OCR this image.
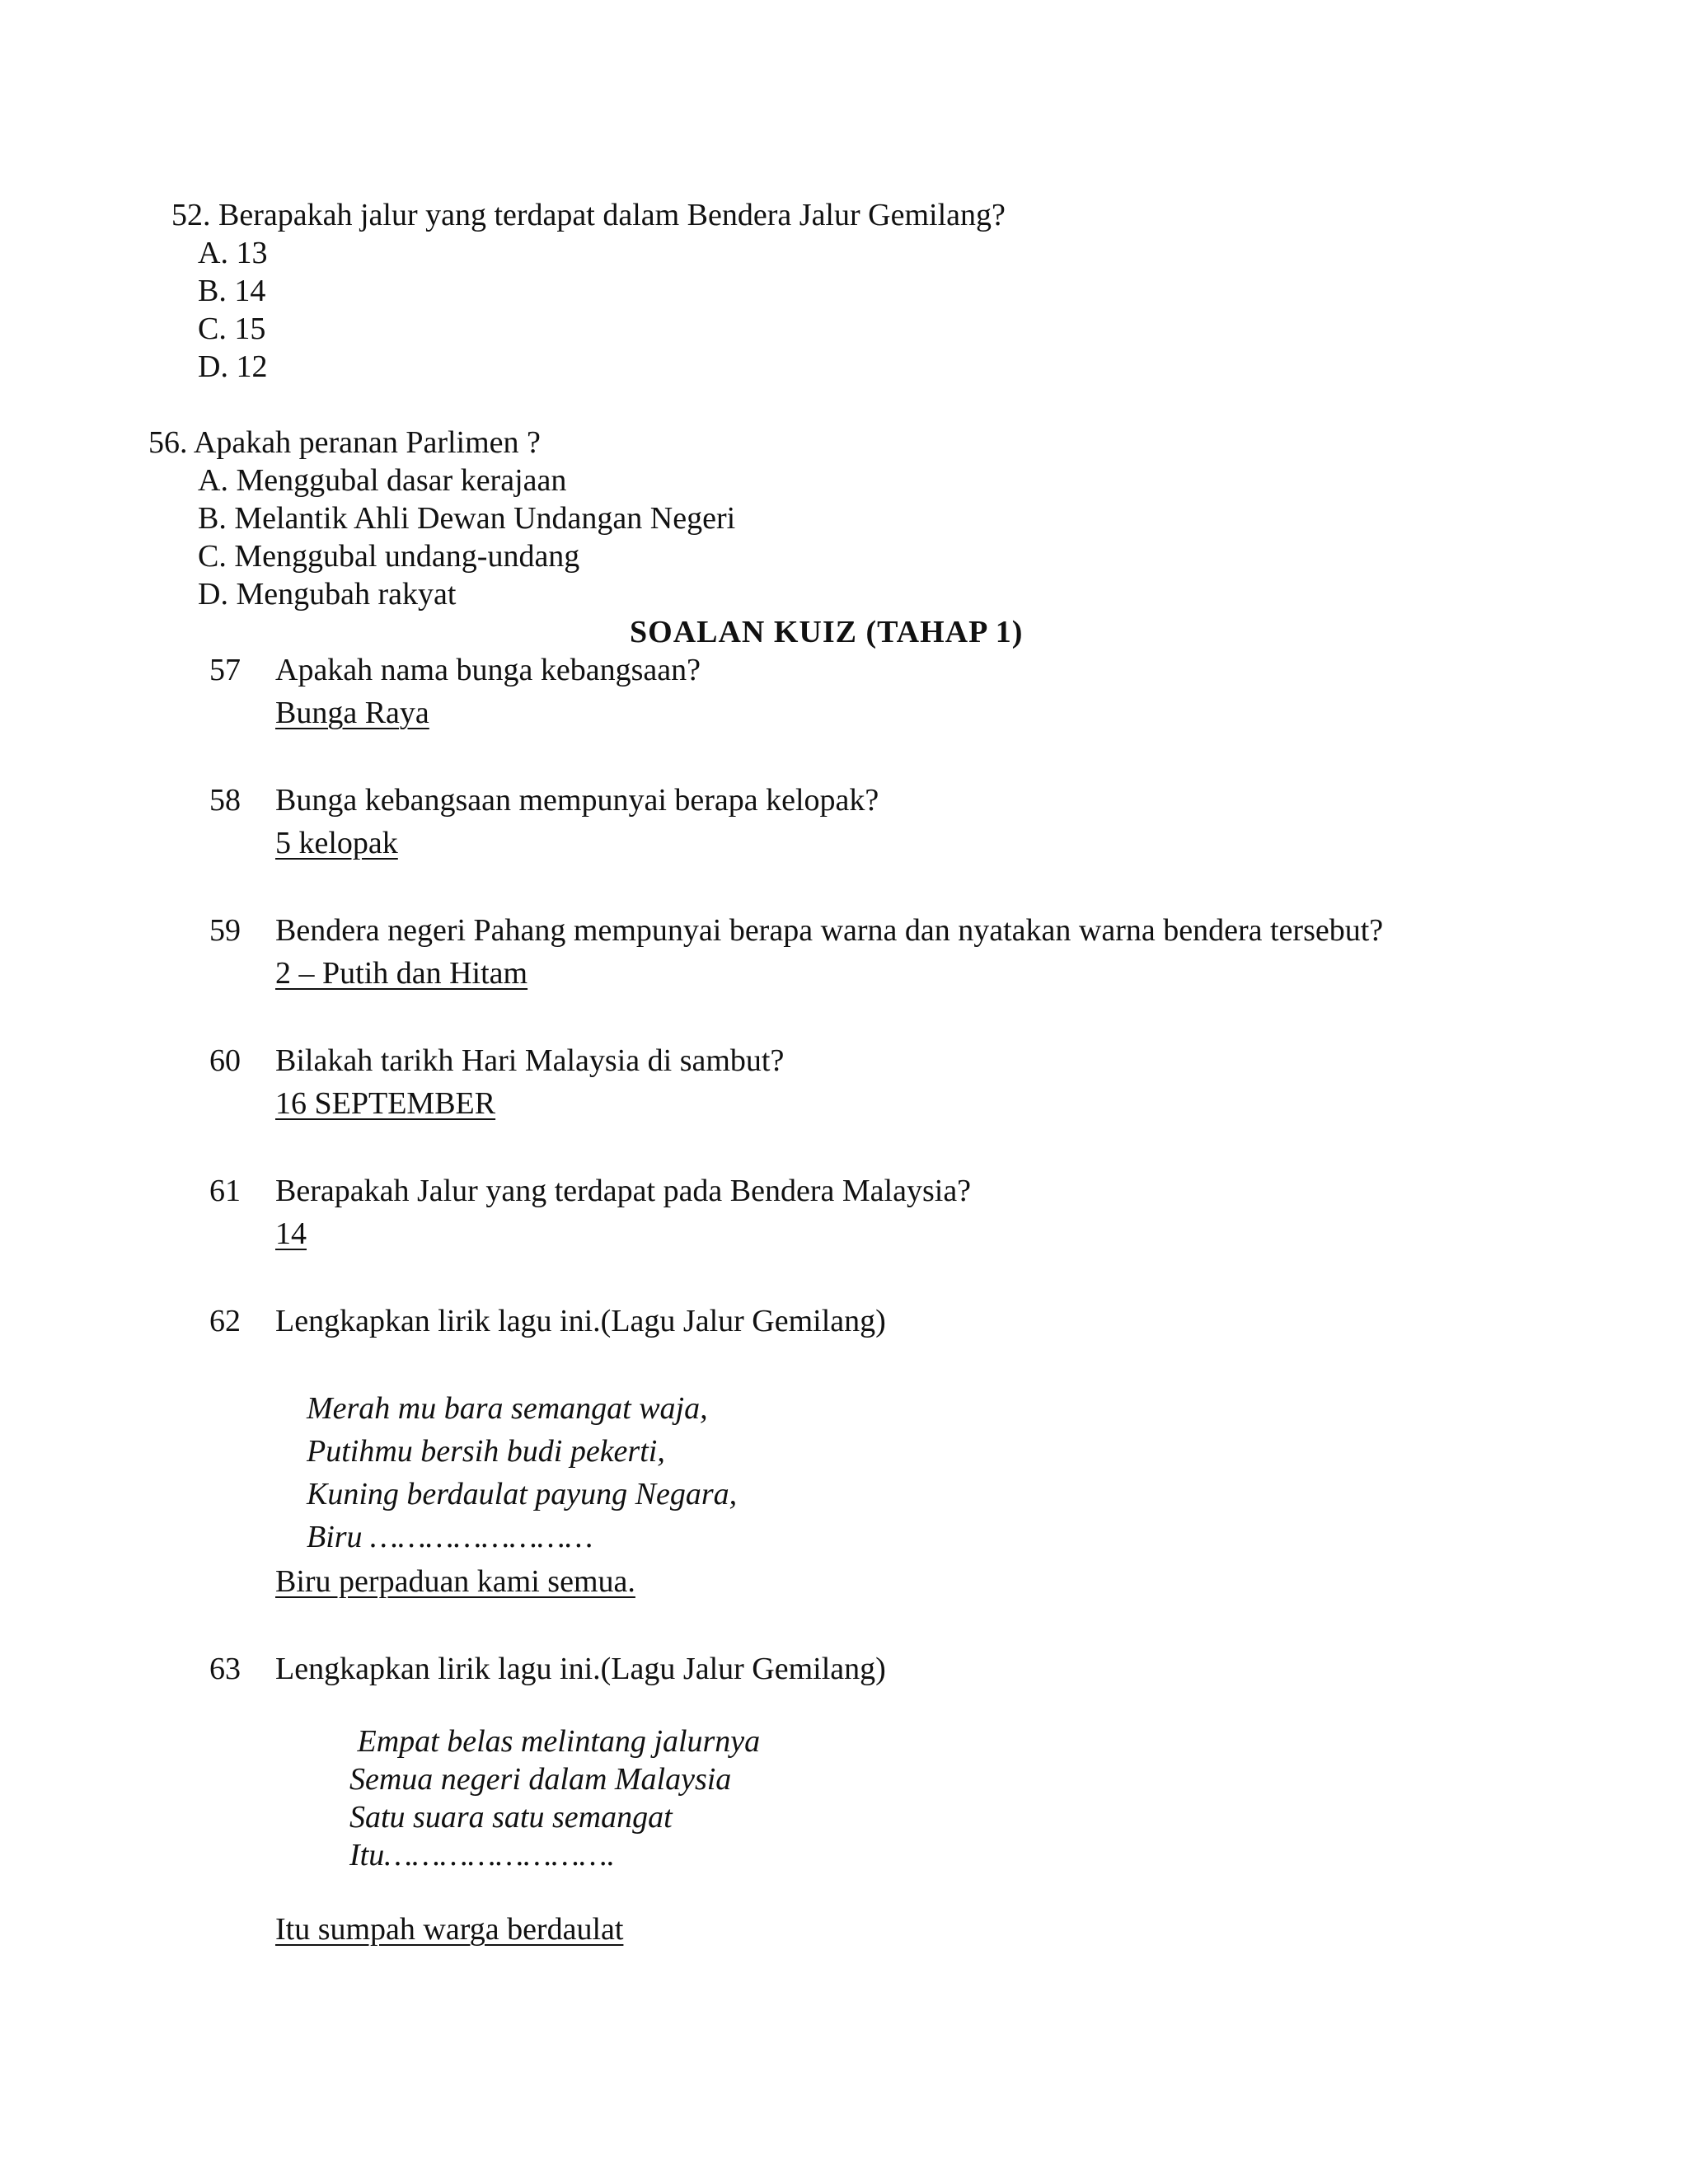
52. Berapakah jalur yang terdapat dalam Bendera Jalur Gemilang?
A. 13
B. 14
C. 15
D. 12
56. Apakah peranan Parlimen ?
A. Menggubal dasar kerajaan
B. Melantik Ahli Dewan Undangan Negeri
C. Menggubal undang-undang
D. Mengubah rakyat
SOALAN KUIZ (TAHAP 1)
57 Apakah nama bunga kebangsaan?
Bunga Raya
58 Bunga kebangsaan mempunyai berapa kelopak?
5 kelopak
59 Bendera negeri Pahang mempunyai berapa warna dan nyatakan warna bendera tersebut?
2 – Putih dan Hitam
60 Bilakah tarikh Hari Malaysia di sambut?
16 SEPTEMBER
61 Berapakah Jalur yang terdapat pada Bendera Malaysia?
14
62 Lengkapkan lirik lagu ini.(Lagu Jalur Gemilang)
Merah mu bara semangat waja,
Putihmu bersih budi pekerti,
Kuning berdaulat payung Negara,
Biru ……………………
Biru perpaduan kami semua.
63 Lengkapkan lirik lagu ini.(Lagu Jalur Gemilang)
Empat belas melintang jalurnya
Semua negeri dalam Malaysia
Satu suara satu semangat
Itu…………………….
Itu sumpah warga berdaulat
